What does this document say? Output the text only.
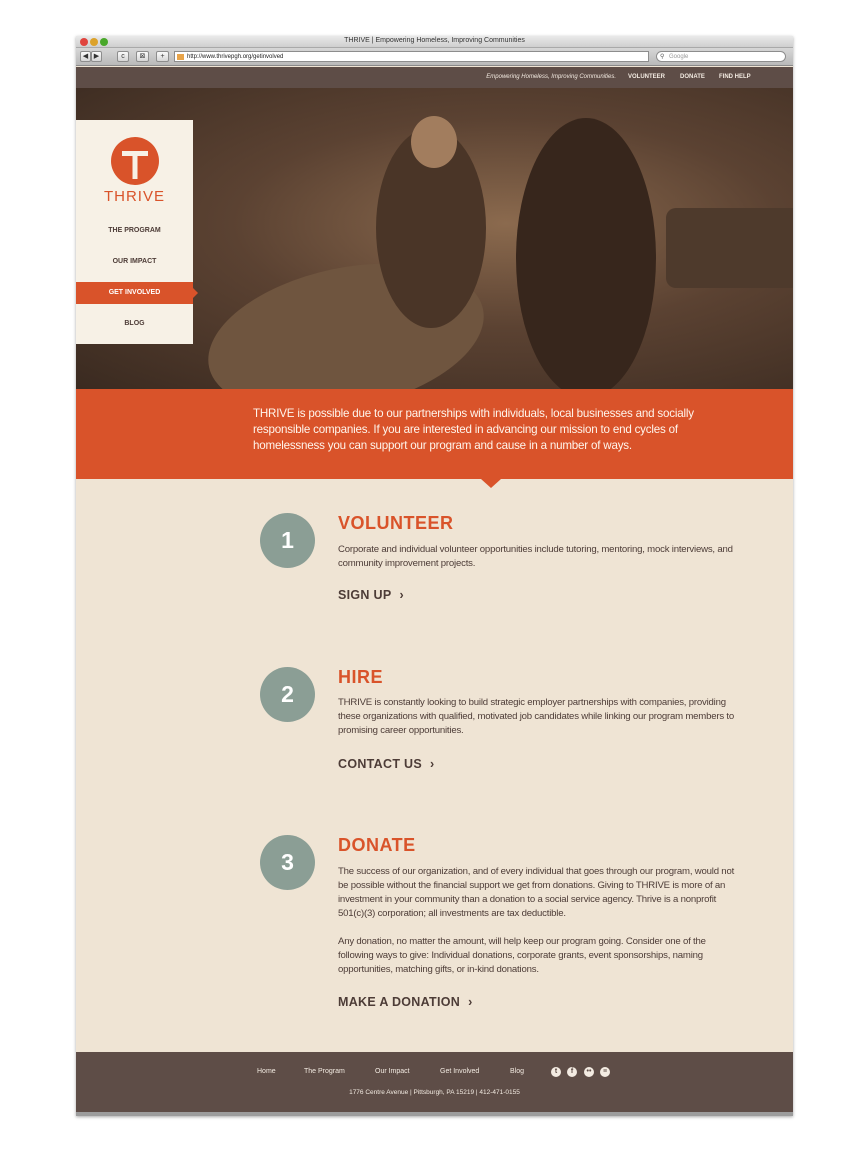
THRIVE | Empowering Homeless, Improving Communities
◀ ▶	c	⊠	+	http://www.thrivepgh.org/getinvolved	⚲ Google
Empowering Homeless, Improving Communities. VOLUNTEER DONATE FIND HELP
THRIVE
THE PROGRAM
OUR IMPACT
GET INVOLVED
BLOG

THRIVE is possible due to our partnerships with individuals, local businesses and socially responsible companies. If you are interested in advancing our mission to end cycles of homelessness you can support our program and cause in a number of ways.

1
VOLUNTEER
Corporate and individual volunteer opportunities include tutoring, mentoring, mock interviews, and community improvement projects.
SIGN UP ›
2
HIRE
THRIVE is constantly looking to build strategic employer partnerships with companies, providing these organizations with qualified, motivated job candidates while linking our program members to promising career opportunities.
CONTACT US ›
3
DONATE
The success of our organization, and of every individual that goes through our program, would not be possible without the financial support we get from donations. Giving to THRIVE is more of an investment in your community than a donation to a social service agency. Thrive is a nonprofit 501(c)(3) corporation; all investments are tax deductible.
Any donation, no matter the amount, will help keep our program going. Consider one of the following ways to give: Individual donations, corporate grants, event sponsorships, naming opportunities, matching gifts, or in-kind donations.
MAKE A DONATION ›
Home	The Program	Our Impact	Get Involved	Blog	t	f	••	≡
1776 Centre Avenue | Pittsburgh, PA 15219 | 412-471-0155
